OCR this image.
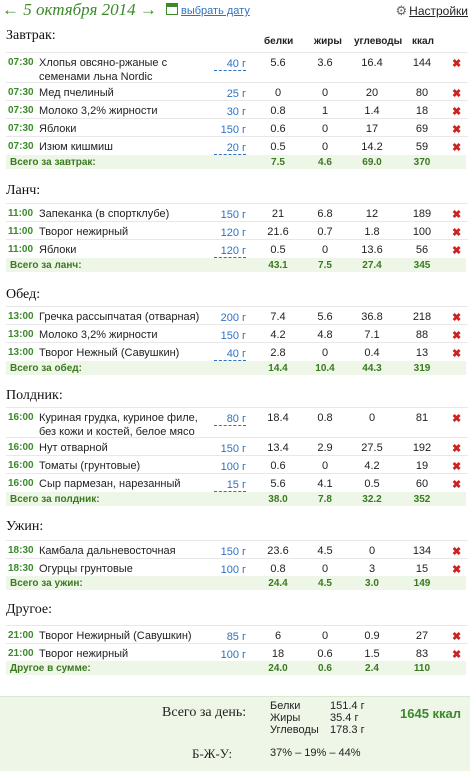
← 5 октября 2014 →	выбрать дату	⚙ Настройки
белки жиры углеводы ккал
Завтрак:
07:30 Хлопья овсяно-ржаные с семенами льна Nordic
40 г	5.6	3.6	16.4	144	✖
07:30 Мед пчелиный	25 г	0	0	20	80	✖
07:30 Молоко 3,2% жирности	30 г	0.8	1	1.4	18	✖
07:30 Яблоки	150 г	0.6	0	17	69	✖
07:30 Изюм кишмиш	20 г	0.5	0	14.2	59	✖
Всего за завтрак:	7.5	4.6	69.0	370
Ланч:
11:00 Запеканка (в спортклубе)	150 г	21	6.8	12	189	✖
11:00 Творог нежирный	120 г	21.6	0.7	1.8	100	✖
11:00 Яблоки	120 г	0.5	0	13.6	56	✖
Всего за ланч:	43.1	7.5	27.4	345
Обед:
13:00 Гречка рассыпчатая (отварная)	200 г	7.4	5.6	36.8	218	✖
13:00 Молоко 3,2% жирности	150 г	4.2	4.8	7.1	88	✖
13:00 Творог Нежный (Савушкин)	40 г	2.8	0	0.4	13	✖
Всего за обед:	14.4	10.4	44.3	319
Полдник:
16:00 Куриная грудка, куриное филе, без кожи и костей, белое мясо
80 г	18.4	0.8	0	81	✖
16:00 Нут отварной	150 г	13.4	2.9	27.5	192	✖
16:00 Томаты (грунтовые)	100 г	0.6	0	4.2	19	✖
16:00 Сыр пармезан, нарезанный	15 г	5.6	4.1	0.5	60	✖
Всего за полдник:	38.0	7.8	32.2	352
Ужин:
18:30 Камбала дальневосточная	150 г	23.6	4.5	0	134	✖
18:30 Огурцы грунтовые	100 г	0.8	0	3	15	✖
Всего за ужин:	24.4	4.5	3.0	149
Другое:
21:00 Творог Нежирный (Савушкин)	85 г	6	0	0.9	27	✖
21:00 Творог нежирный	100 г	18	0.6	1.5	83	✖
Другое в сумме:	24.0	0.6	2.4	110
Всего за день: Белки	151.4 г
Жиры	35.4 г
Углеводы 178.3 г
1645 ккал
Б-Ж-У:	37% – 19% – 44%
